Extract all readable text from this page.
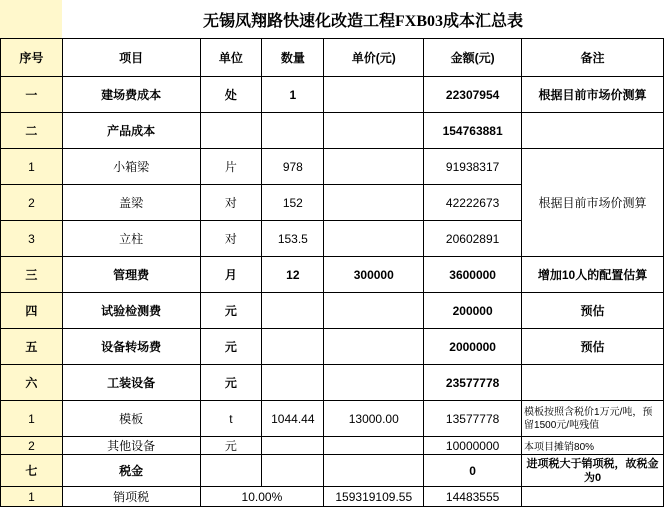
无锡凤翔路快速化改造工程FXB03成本汇总表
序号	项目	单位	数量	单价(元)	金额(元)	备注
一	建场费成本	处	1		22307954	根据目前市场价测算
二	产品成本				154763881	
1	小箱梁	片	978		91938317	根据目前市场价测算
2	盖梁	对	152		42222673	
3	立柱	对	153.5		20602891	
三	管理费	月	12	300000	3600000	增加10人的配置估算
四	试验检测费	元			200000	预估
五	设备转场费	元			2000000	预估
六	工装设备	元			23577778	
1	模板	t	1044.44	13000.00	13577778	模板按照含税价1万元/吨，预留1500元/吨残值
2	其他设备	元			10000000	本项目摊销80%
七	税金				0	进项税大于销项税，故税金为0
1	销项税	10.00%		159319109.55	14483555	
